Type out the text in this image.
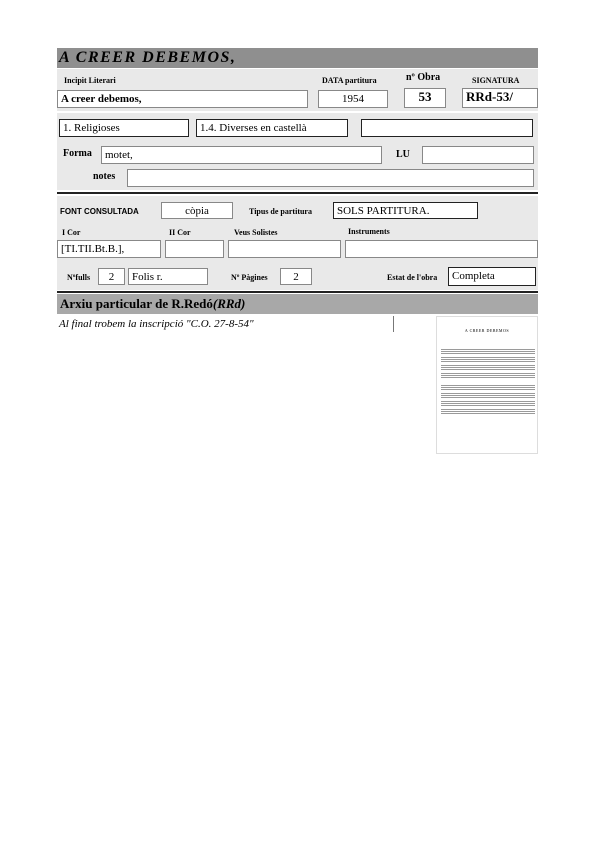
A CREER DEBEMOS,
Incipit Literari	DATA partitura	nº Obra	SIGNATURA
A creer debemos,	1954	53	RRd-53/
1. Religioses	1.4. Diverses en castellà
Forma	motet,	LU
notes
FONT CONSULTADA	còpia	Tipus de partitura	SOLS PARTITURA.
I Cor	II Cor	Veus Solistes	Instruments
[TI.TII.Bt.B.],
Nºfulls	2	Folis r.	Nº Pàgines	2	Estat de l'obra	Completa
Arxiu particular de R.Redó(RRd)
Al final trobem la inscripció "C.O. 27-8-54"
A CREER DEBEMOS
